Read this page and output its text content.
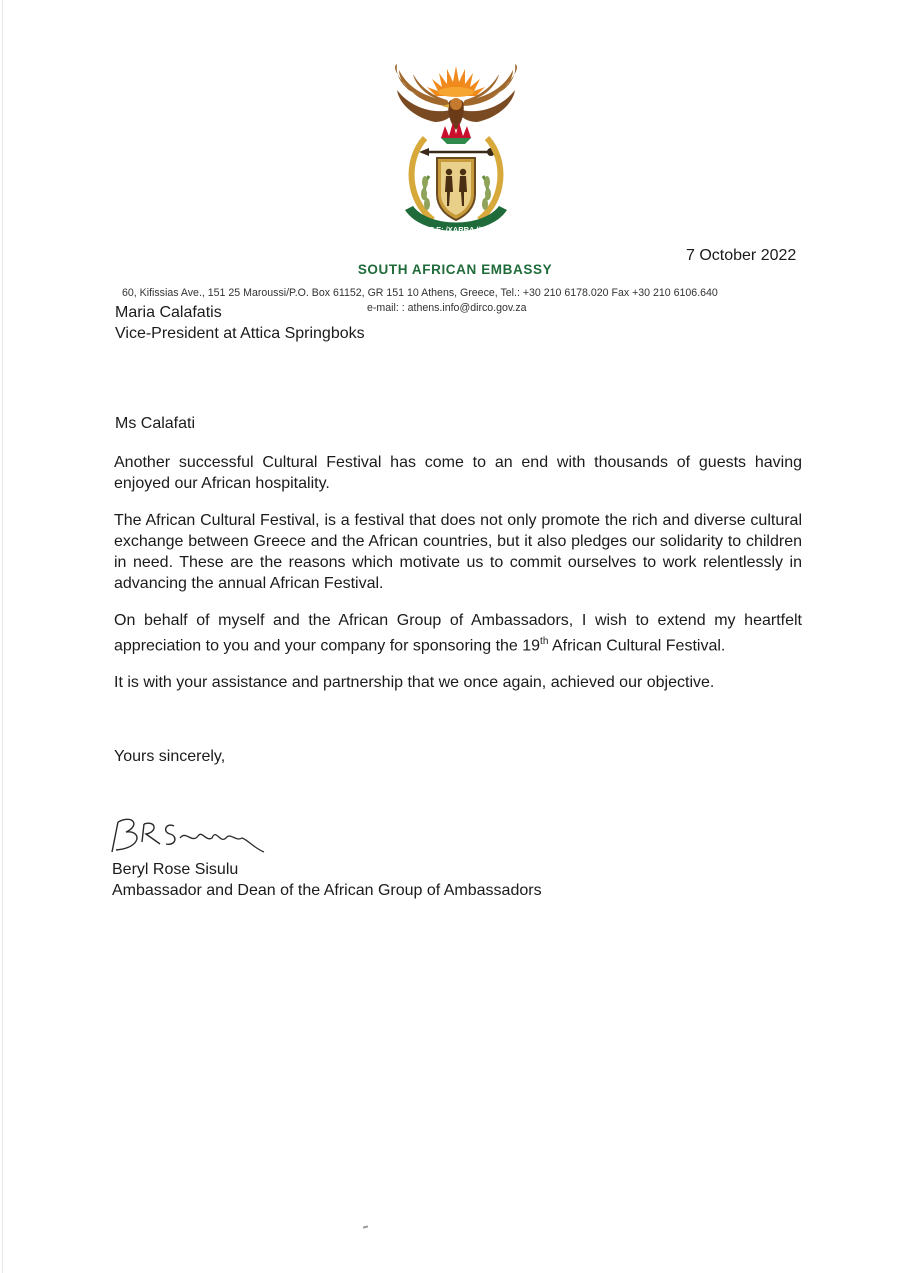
!KE E: /XARRA //KE
SOUTH AFRICAN EMBASSY
7 October 2022
60, Kifissias Ave., 151 25 Maroussi/P.O. Box 61152, GR 151 10 Athens, Greece, Tel.: +30 210 6178.020 Fax +30 210 6106.640
e-mail: : athens.info@dirco.gov.za
Maria Calafatis
Vice-President at Attica Springboks
Ms Calafati

Another successful Cultural Festival has come to an end with thousands of guests having enjoyed our African hospitality.

The African Cultural Festival, is a festival that does not only promote the rich and diverse cultural exchange between Greece and the African countries, but it also pledges our solidarity to children in need. These are the reasons which motivate us to commit ourselves to work relentlessly in advancing the annual African Festival.

On behalf of myself and the African Group of Ambassadors, I wish to extend my heartfelt appreciation to you and your company for sponsoring the 19th African Cultural Festival.

It is with your assistance and partnership that we once again, achieved our objective.

Yours sincerely,
Beryl Rose Sisulu
Ambassador and Dean of the African Group of Ambassadors
